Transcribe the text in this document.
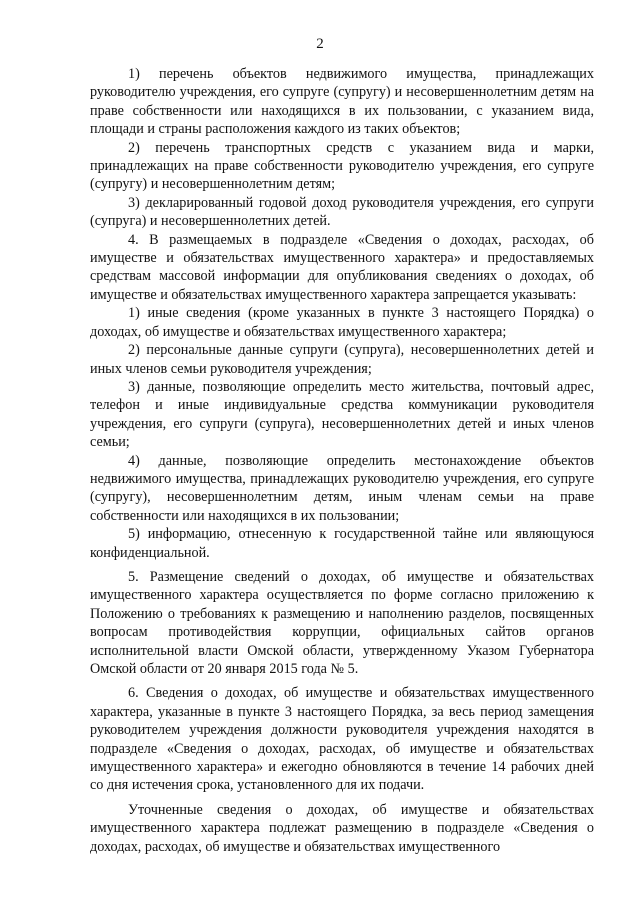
2

1) перечень объектов недвижимого имущества, принадлежащих руководителю учреждения, его супруге (супругу) и несовершеннолетним детям на праве собственности или находящихся в их пользовании, с указанием вида, площади и страны расположения каждого из таких объектов;

2) перечень транспортных средств с указанием вида и марки, принадлежащих на праве собственности руководителю учреждения, его супруге (супругу) и несовершеннолетним детям;

3) декларированный годовой доход руководителя учреждения, его супруги (супруга) и несовершеннолетних детей.

4. В размещаемых в подразделе «Сведения о доходах, расходах, об имуществе и обязательствах имущественного характера» и предоставляемых средствам массовой информации для опубликования сведениях о доходах, об имуществе и обязательствах имущественного характера запрещается указывать:

1) иные сведения (кроме указанных в пункте 3 настоящего Порядка) о доходах, об имуществе и обязательствах имущественного характера;

2) персональные данные супруги (супруга), несовершеннолетних детей и иных членов семьи руководителя учреждения;

3) данные, позволяющие определить место жительства, почтовый адрес, телефон и иные индивидуальные средства коммуникации руководителя учреждения, его супруги (супруга), несовершеннолетних детей и иных членов семьи;

4) данные, позволяющие определить местонахождение объектов недвижимого имущества, принадлежащих руководителю учреждения, его супруге (супругу), несовершеннолетним детям, иным членам семьи на праве собственности или находящихся в их пользовании;

5) информацию, отнесенную к государственной тайне или являющуюся конфиденциальной.

5. Размещение сведений о доходах, об имуществе и обязательствах имущественного характера осуществляется по форме согласно приложению к Положению о требованиях к размещению и наполнению разделов, посвященных вопросам противодействия коррупции, официальных сайтов органов исполнительной власти Омской области, утвержденному Указом Губернатора Омской области от 20 января 2015 года № 5.

6. Сведения о доходах, об имуществе и обязательствах имущественного характера, указанные в пункте 3 настоящего Порядка, за весь период замещения руководителем учреждения должности руководителя учреждения находятся в подразделе «Сведения о доходах, расходах, об имуществе и обязательствах имущественного характера» и ежегодно обновляются в течение 14 рабочих дней со дня истечения срока, установленного для их подачи.

Уточненные сведения о доходах, об имуществе и обязательствах имущественного характера подлежат размещению в подразделе «Сведения о доходах, расходах, об имуществе и обязательствах имущественного
